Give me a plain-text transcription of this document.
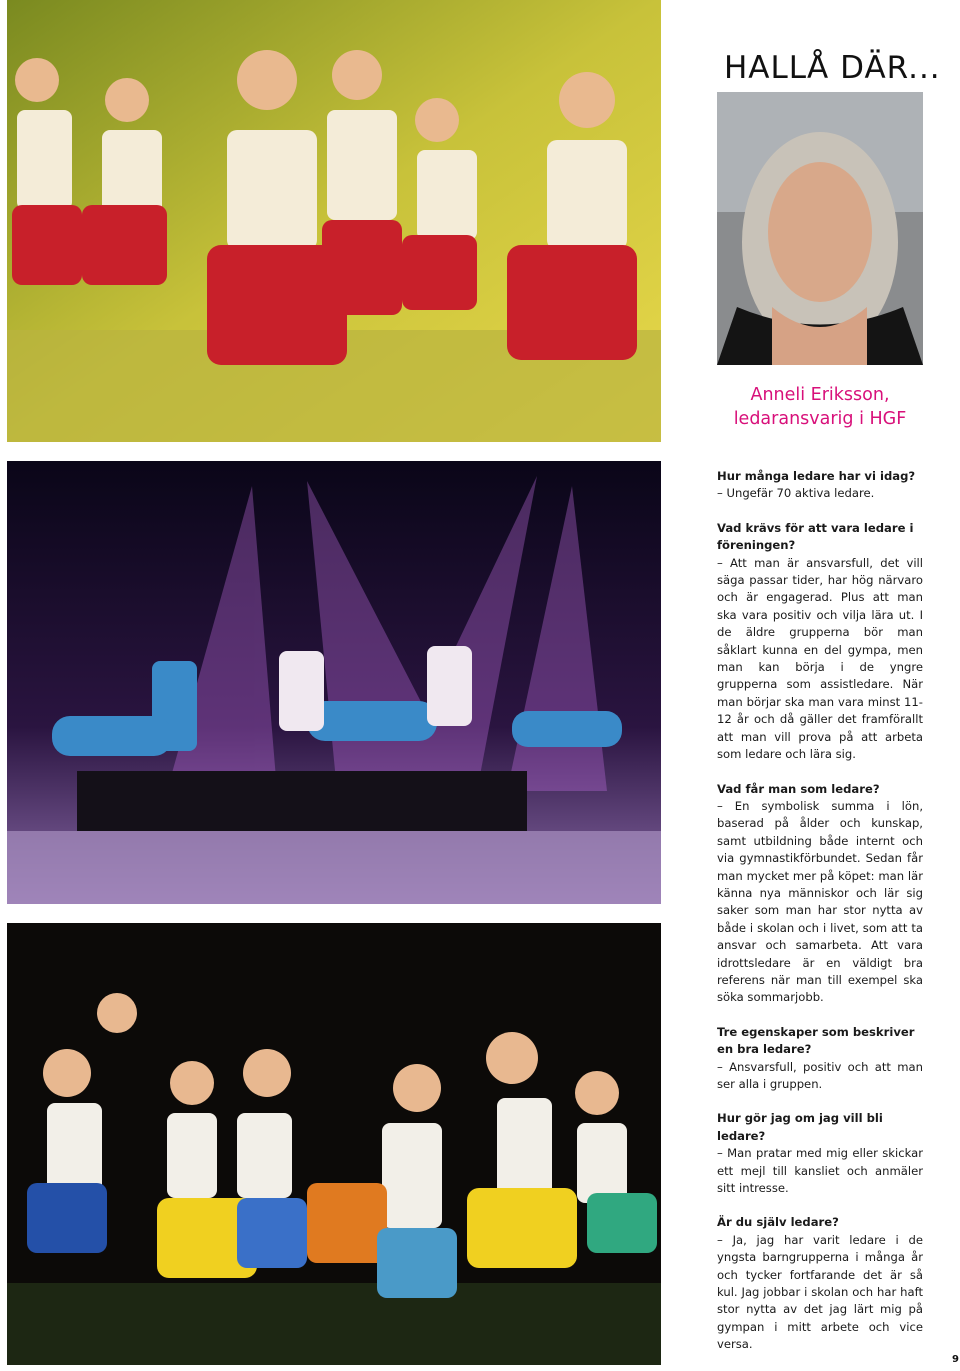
HALLÅ DÄR...
Anneli Eriksson,
ledaransvarig i HGF
Hur många ledare har vi idag?
– Ungefär 70 aktiva ledare.
Vad krävs för att vara ledare i föreningen?
– Att man är ansvarsfull, det vill säga passar tider, har hög närvaro och är engagerad. Plus att man ska vara positiv och vilja lära ut. I de äldre grupperna bör man såklart kunna en del gympa, men man kan börja i de yngre grupperna som assistledare. När man börjar ska man vara minst 11-12 år och då gäller det framförallt att man vill prova på att arbeta som ledare och lära sig.
Vad får man som ledare?
– En symbolisk summa i lön, baserad på ålder och kunskap, samt utbildning både internt och via gymnastikförbundet. Sedan får man mycket mer på köpet: man lär känna nya människor och lär sig saker som man har stor nytta av både i skolan och i livet, som att ta ansvar och samarbeta. Att vara idrottsledare är en väldigt bra referens när man till exempel ska söka sommarjobb.
Tre egenskaper som beskriver en bra ledare?
– Ansvarsfull, positiv och att man ser alla i gruppen.
Hur gör jag om jag vill bli ledare?
– Man pratar med mig eller skickar ett mejl till kansliet och anmäler sitt intresse.
Är du själv ledare?
– Ja, jag har varit ledare i de yngsta barngrupperna i många år och tycker fortfarande det är så kul. Jag jobbar i skolan och har haft stor nytta av det jag lärt mig på gympan i mitt arbete och vice versa.
9
